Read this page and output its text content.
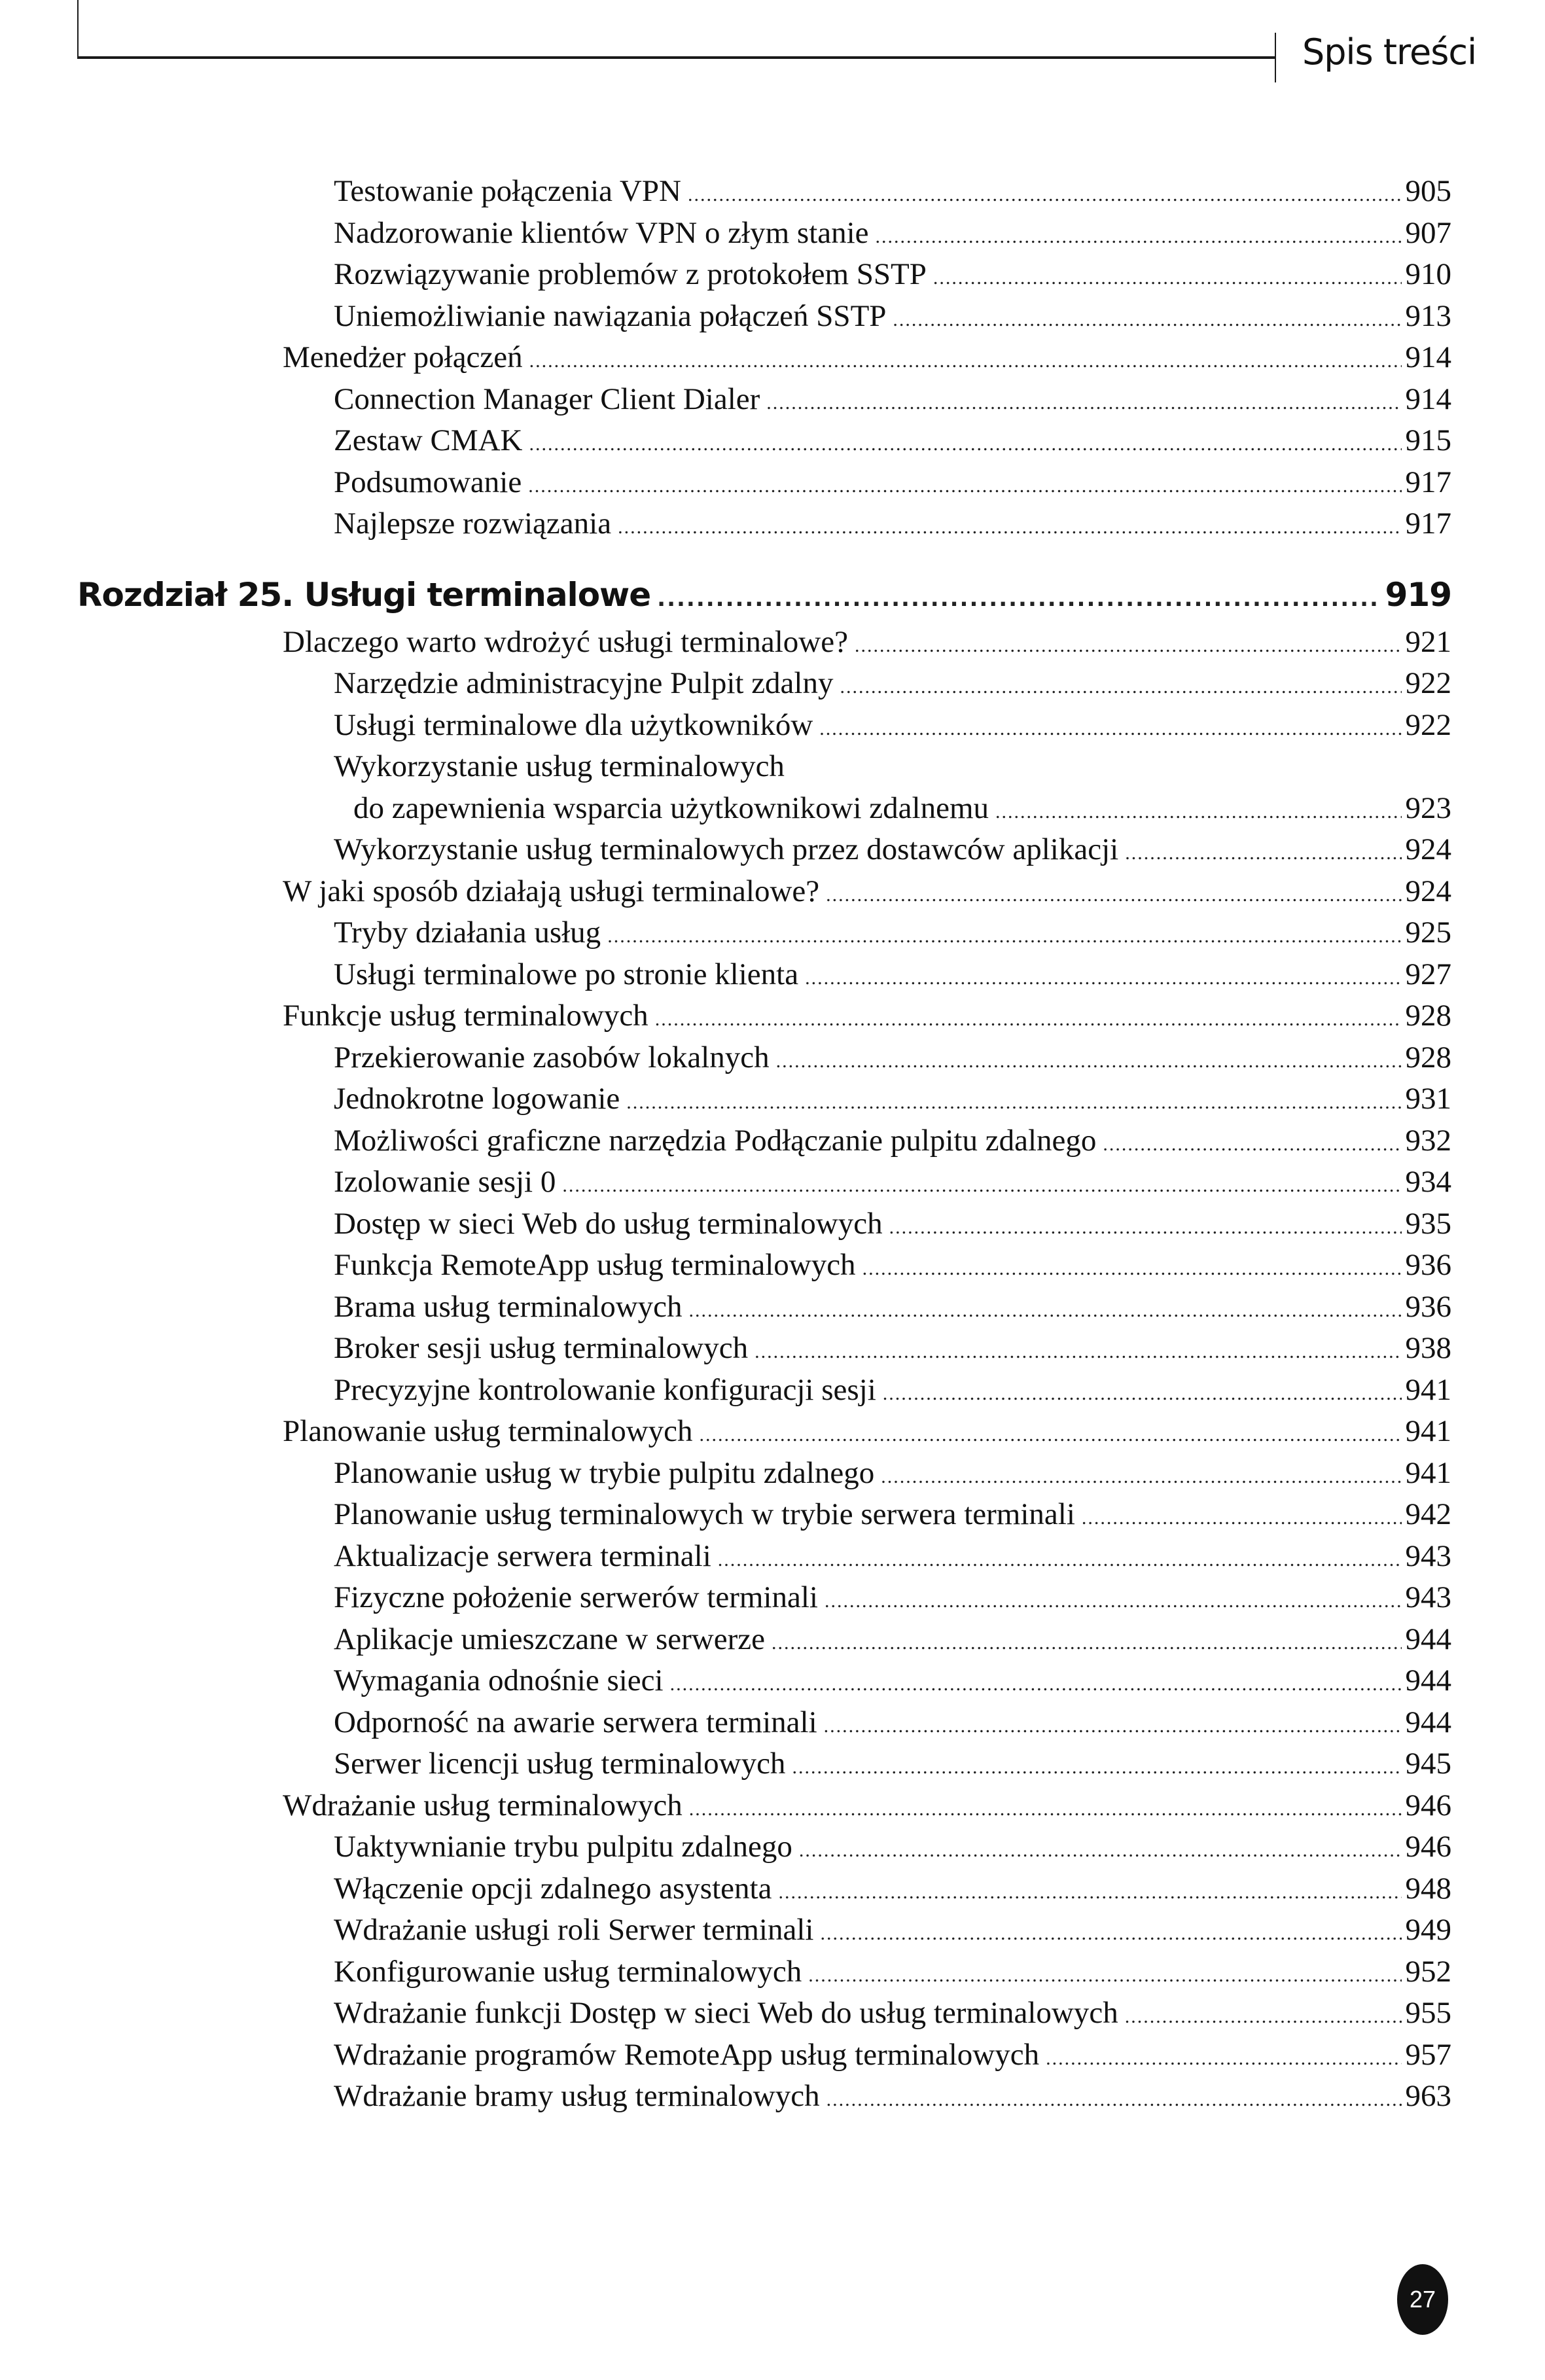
Spis treści
Testowanie połączenia VPN .....	905
Nadzorowanie klientów VPN o złym stanie .....	907
Rozwiązywanie problemów z protokołem SSTP .....	910
Uniemożliwianie nawiązania połączeń SSTP .....	913
Menedżer połączeń .....	914
Connection Manager Client Dialer .....	914
Zestaw CMAK .....	915
Podsumowanie .....	917
Najlepsze rozwiązania .....	917
Rozdział 25. Usługi terminalowe .....	919
Dlaczego warto wdrożyć usługi terminalowe? .....	921
Narzędzie administracyjne Pulpit zdalny .....	922
Usługi terminalowe dla użytkowników .....	922
Wykorzystanie usług terminalowych
do zapewnienia wsparcia użytkownikowi zdalnemu .....	923
Wykorzystanie usług terminalowych przez dostawców aplikacji .....	924
W jaki sposób działają usługi terminalowe? .....	924
Tryby działania usług .....	925
Usługi terminalowe po stronie klienta .....	927
Funkcje usług terminalowych .....	928
Przekierowanie zasobów lokalnych .....	928
Jednokrotne logowanie .....	931
Możliwości graficzne narzędzia Podłączanie pulpitu zdalnego .....	932
Izolowanie sesji 0 .....	934
Dostęp w sieci Web do usług terminalowych .....	935
Funkcja RemoteApp usług terminalowych .....	936
Brama usług terminalowych .....	936
Broker sesji usług terminalowych .....	938
Precyzyjne kontrolowanie konfiguracji sesji .....	941
Planowanie usług terminalowych .....	941
Planowanie usług w trybie pulpitu zdalnego .....	941
Planowanie usług terminalowych w trybie serwera terminali .....	942
Aktualizacje serwera terminali .....	943
Fizyczne położenie serwerów terminali .....	943
Aplikacje umieszczane w serwerze .....	944
Wymagania odnośnie sieci .....	944
Odporność na awarie serwera terminali .....	944
Serwer licencji usług terminalowych .....	945
Wdrażanie usług terminalowych .....	946
Uaktywnianie trybu pulpitu zdalnego .....	946
Włączenie opcji zdalnego asystenta .....	948
Wdrażanie usługi roli Serwer terminali .....	949
Konfigurowanie usług terminalowych .....	952
Wdrażanie funkcji Dostęp w sieci Web do usług terminalowych .....	955
Wdrażanie programów RemoteApp usług terminalowych .....	957
Wdrażanie bramy usług terminalowych .....	963
27
